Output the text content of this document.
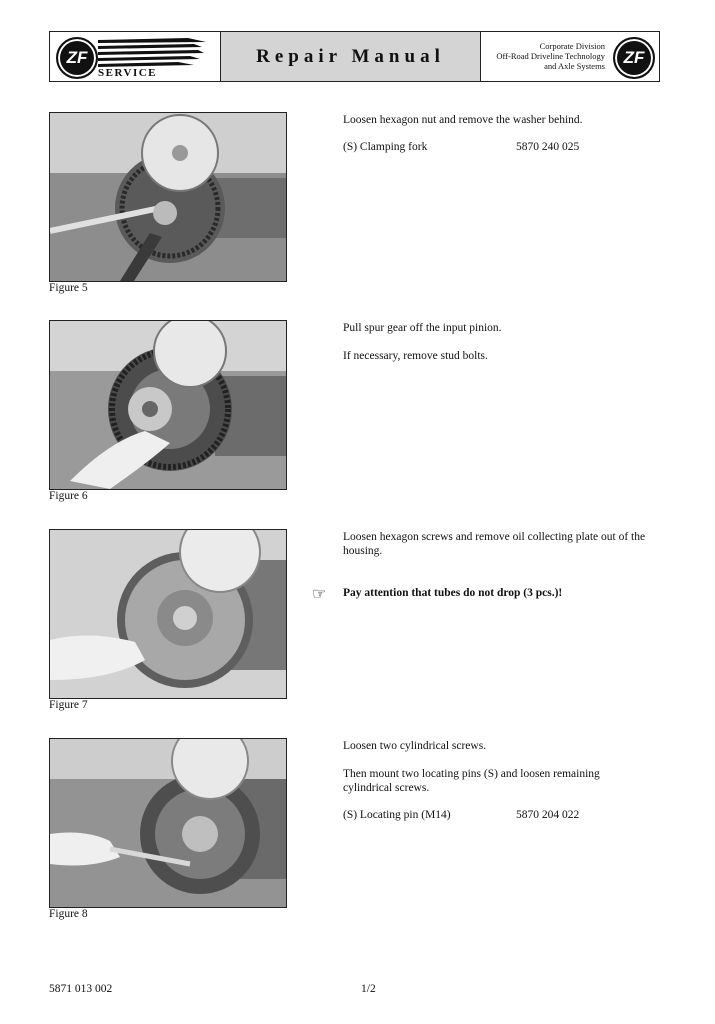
ZF
SERVICE
Repair Manual	Corporate Division
Off-Road Driveline Technology
and Axle Systems	ZF
Figure 5
Loosen hexagon nut and remove the washer behind.
(S) Clamping fork	5870 240 025
Figure 6
Pull spur gear off the input pinion.
If necessary, remove stud bolts.
Figure 7
Loosen hexagon screws and remove oil collecting plate out of the housing.
☞ Pay attention that tubes do not drop (3 pcs.)!
Figure 8
Loosen two cylindrical screws.
Then mount two locating pins (S) and loosen remaining cylindrical screws.
(S) Locating pin (M14)	5870 204 022
5871 013 002	1/2
